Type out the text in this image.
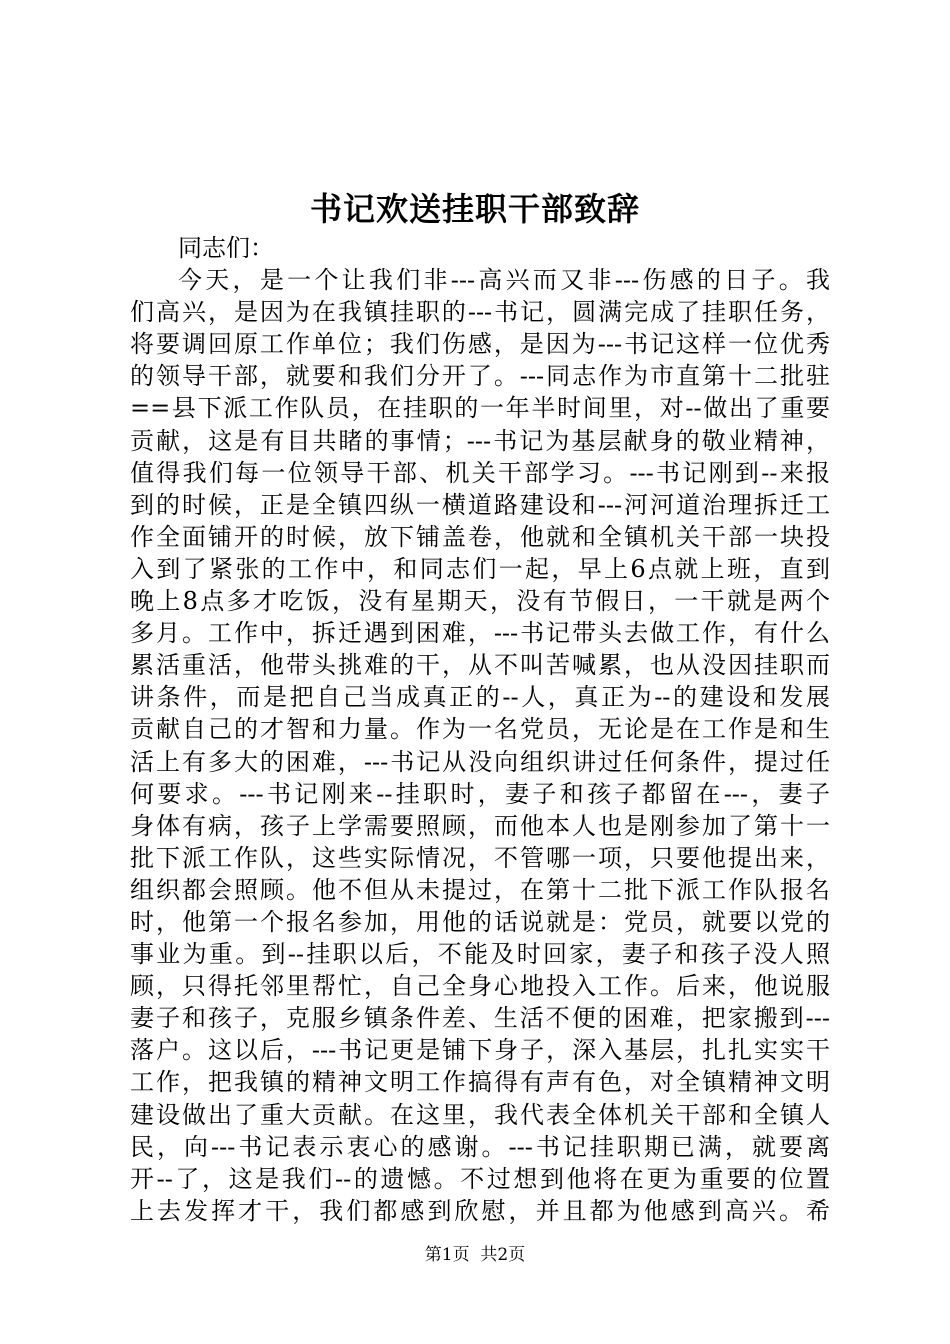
书记欢送挂职干部致辞
同志们：
今天，是一个让我们非---高兴而又非---伤感的日子。我
们高兴，是因为在我镇挂职的---书记，圆满完成了挂职任务，
将要调回原工作单位；我们伤感，是因为---书记这样一位优秀
的领导干部，就要和我们分开了。---同志作为市直第十二批驻
==县下派工作队员，在挂职的一年半时间里，对--做出了重要
贡献，这是有目共睹的事情；---书记为基层献身的敬业精神，
值得我们每一位领导干部、机关干部学习。---书记刚到--来报
到的时候，正是全镇四纵一横道路建设和---河河道治理拆迁工
作全面铺开的时候，放下铺盖卷，他就和全镇机关干部一块投
入到了紧张的工作中，和同志们一起，早上6点就上班，直到
晚上8点多才吃饭，没有星期天，没有节假日，一干就是两个
多月。工作中，拆迁遇到困难，---书记带头去做工作，有什么
累活重活，他带头挑难的干，从不叫苦喊累，也从没因挂职而
讲条件，而是把自己当成真正的--人，真正为--的建设和发展
贡献自己的才智和力量。作为一名党员，无论是在工作是和生
活上有多大的困难，---书记从没向组织讲过任何条件，提过任
何要求。---书记刚来--挂职时，妻子和孩子都留在---，妻子
身体有病，孩子上学需要照顾，而他本人也是刚参加了第十一
批下派工作队，这些实际情况，不管哪一项，只要他提出来，
组织都会照顾。他不但从未提过，在第十二批下派工作队报名
时，他第一个报名参加，用他的话说就是：党员，就要以党的
事业为重。到--挂职以后，不能及时回家，妻子和孩子没人照
顾，只得托邻里帮忙，自己全身心地投入工作。后来，他说服
妻子和孩子，克服乡镇条件差、生活不便的困难，把家搬到---
落户。这以后，---书记更是铺下身子，深入基层，扎扎实实干
工作，把我镇的精神文明工作搞得有声有色，对全镇精神文明
建设做出了重大贡献。在这里，我代表全体机关干部和全镇人
民，向---书记表示衷心的感谢。---书记挂职期已满，就要离
开--了，这是我们--的遗憾。不过想到他将在更为重要的位置
上去发挥才干，我们都感到欣慰，并且都为他感到高兴。希
第1页  共2页
